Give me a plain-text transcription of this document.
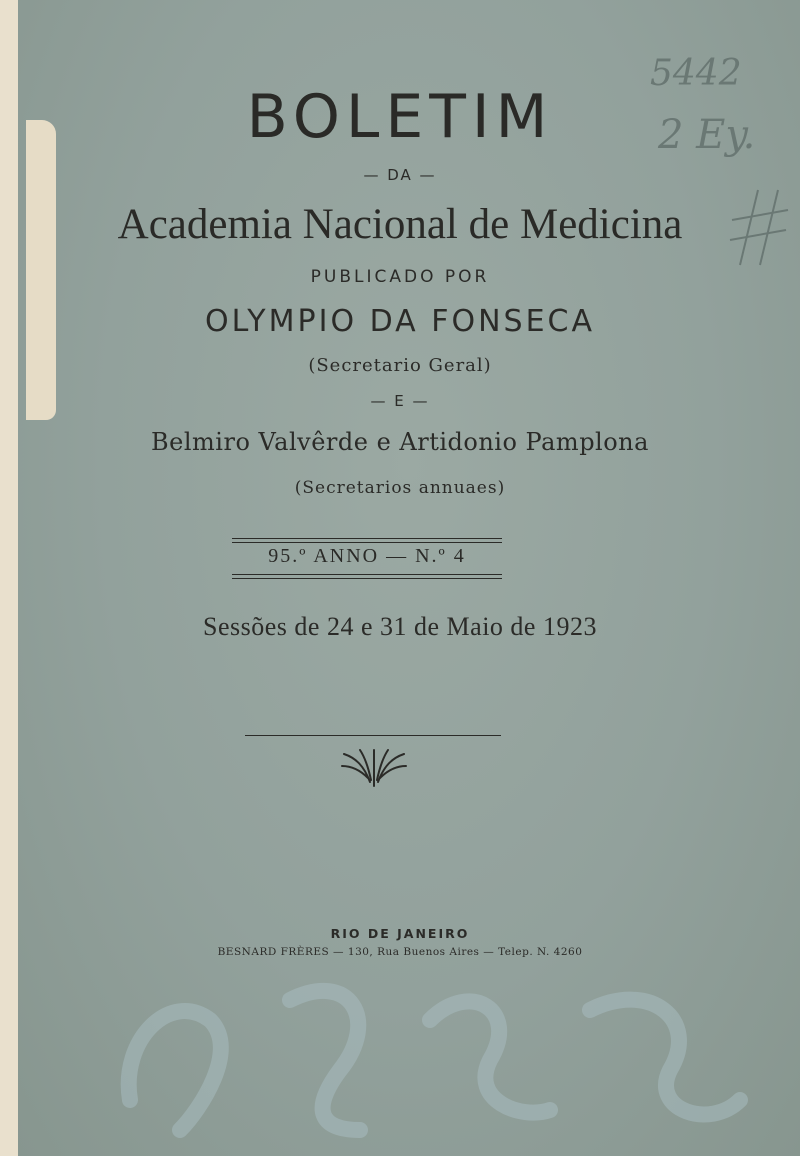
BOLETIM
— DA —
Academia Nacional de Medicina
PUBLICADO POR
OLYMPIO DA FONSECA
(Secretario Geral)
— E —
Belmiro Valvêrde e Artidonio Pamplona
(Secretarios annuaes)
95.º ANNO — N.º 4
Sessões de 24 e 31 de Maio de 1923
RIO DE JANEIRO
BESNARD FRÈRES — 130, Rua Buenos Aires — Telep. N. 4260
5442
2 Ey.
